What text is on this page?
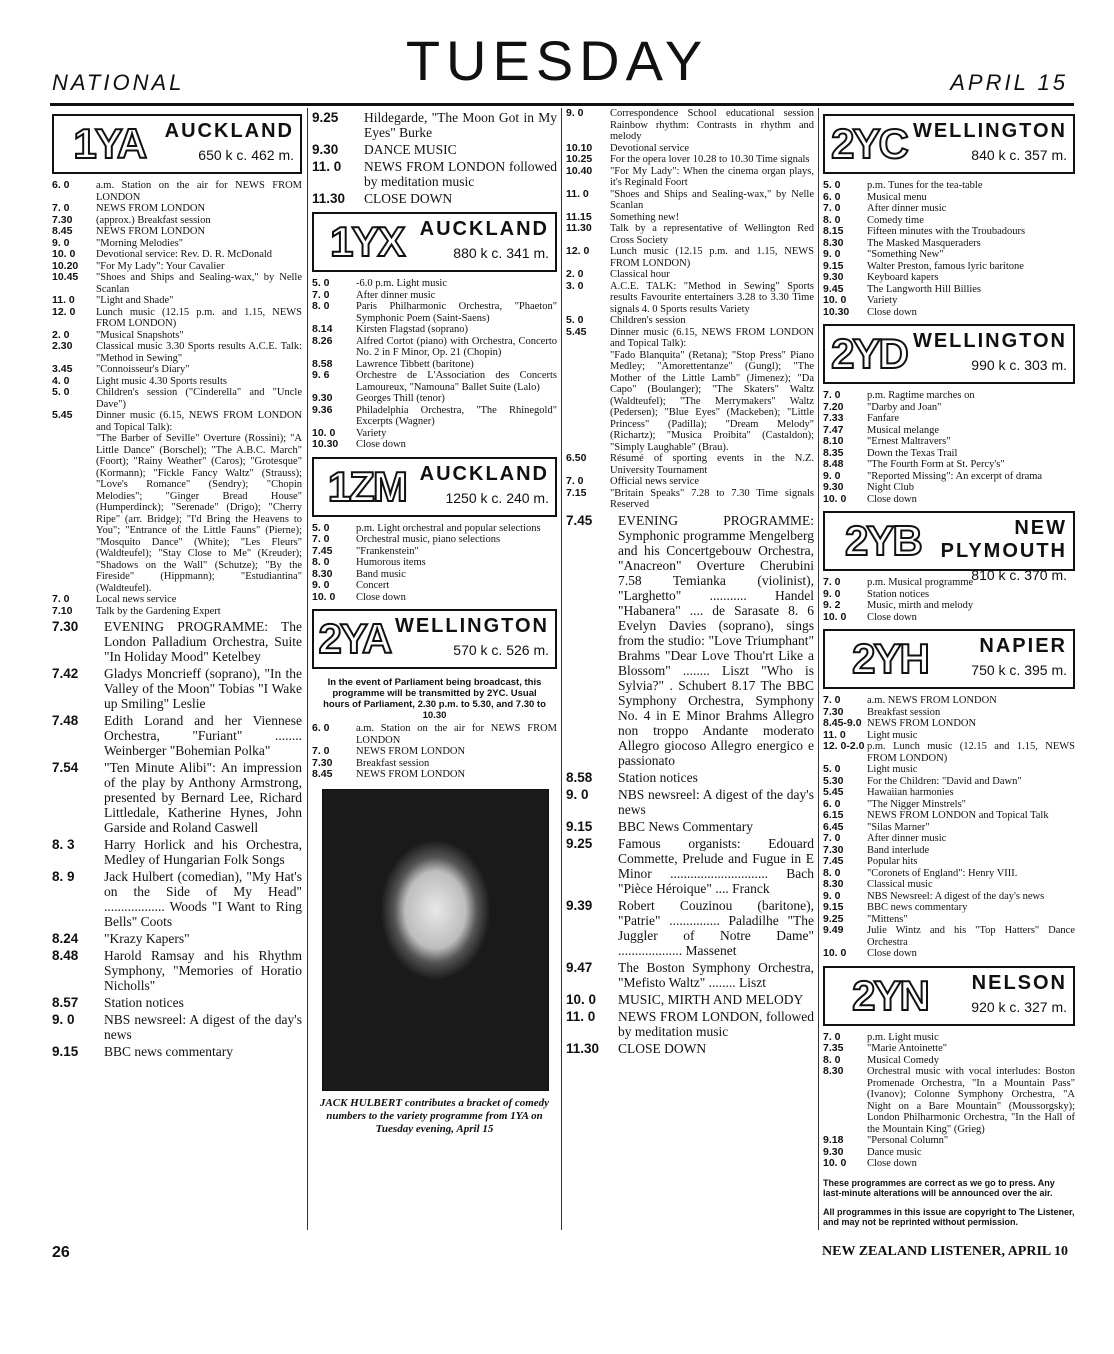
NATIONAL	TUESDAY	APRIL 15
1YA AUCKLAND
650 k c. 462 m.
6. 0	a.m. Station on the air for NEWS FROM LONDON
7. 0	NEWS FROM LONDON
7.30	(approx.) Breakfast session
8.45	NEWS FROM LONDON
9. 0	"Morning Melodies"
10. 0	Devotional service: Rev. D. R. McDonald
10.20	"For My Lady": Your Cavalier
10.45	"Shoes and Ships and Sealing-wax," by Nelle Scanlan
11. 0	"Light and Shade"
12. 0	Lunch music (12.15 p.m. and 1.15, NEWS FROM LONDON)
2. 0	"Musical Snapshots"
2.30	Classical music 3.30 Sports results A.C.E. Talk: "Method in Sewing"
3.45	"Connoisseur's Diary"
4. 0	Light music 4.30 Sports results
5. 0	Children's session ("Cinderella" and "Uncle Dave")
5.45	Dinner music (6.15, NEWS FROM LONDON and Topical Talk):
"The Barber of Seville" Overture (Rossini); "A Little Dance" (Borschel); "The A.B.C. March" (Foort); "Rainy Weather" (Caros); "Grotesque" (Kormann); "Fickle Fancy Waltz" (Strauss); "Love's Romance" (Sendry); "Chopin Melodies"; "Ginger Bread House" (Humperdinck); "Serenade" (Drigo); "Cherry Ripe" (arr. Bridge); "I'd Bring the Heavens to You"; "Entrance of the Little Fauns" (Pierne); "Mosquito Dance" (White); "Les Fleurs" (Waldteufel); "Stay Close to Me" (Kreuder); "Shadows on the Wall" (Schutze); "By the Fireside" (Hippmann); "Estudiantina" (Waldteufel).
7. 0	Local news service
7.10	Talk by the Gardening Expert
7.30	EVENING PROGRAMME: The London Palladium Orchestra, Suite "In Holiday Mood" Ketelbey
7.42	Gladys Moncrieff (soprano), "In the Valley of the Moon" Tobias "I Wake up Smiling" Leslie
7.48	Edith Lorand and her Viennese Orchestra, "Furiant" ........ Weinberger "Bohemian Polka"
7.54	"Ten Minute Alibi": An impression of the play by Anthony Armstrong, presented by Bernard Lee, Richard Littledale, Katherine Hynes, John Garside and Roland Caswell
8. 3	Harry Horlick and his Orchestra, Medley of Hungarian Folk Songs
8. 9	Jack Hulbert (comedian), "My Hat's on the Side of My Head" .................. Woods "I Want to Ring Bells" Coots
8.24	"Krazy Kapers"
8.48	Harold Ramsay and his Rhythm Symphony, "Memories of Horatio Nicholls"
8.57	Station notices
9. 0	NBS newsreel: A digest of the day's news
9.15	BBC news commentary
9.25	Hildegarde, "The Moon Got in My Eyes" Burke
9.30	DANCE MUSIC
11. 0	NEWS FROM LONDON followed by meditation music
11.30	CLOSE DOWN
1YX AUCKLAND
880 k c. 341 m.
5. 0	-6.0 p.m. Light music
7. 0	After dinner music
8. 0	Paris Philharmonic Orchestra, "Phaeton" Symphonic Poem (Saint-Saens)
8.14	Kirsten Flagstad (soprano)
8.26	Alfred Cortot (piano) with Orchestra, Concerto No. 2 in F Minor, Op. 21 (Chopin)
8.58	Lawrence Tibbett (baritone)
9. 6	Orchestre de L'Association des Concerts Lamoureux, "Namouna" Ballet Suite (Lalo)
9.30	Georges Thill (tenor)
9.36	Philadelphia Orchestra, "The Rhinegold" Excerpts (Wagner)
10. 0	Variety
10.30	Close down
1ZM AUCKLAND
1250 k c. 240 m.
5. 0	p.m. Light orchestral and popular selections
7. 0	Orchestral music, piano selections
7.45	"Frankenstein"
8. 0	Humorous items
8.30	Band music
9. 0	Concert
10. 0	Close down
2YA WELLINGTON
570 k c. 526 m.
In the event of Parliament being broadcast, this programme will be transmitted by 2YC. Usual hours of Parliament, 2.30 p.m. to 5.30, and 7.30 to 10.30
6. 0	a.m. Station on the air for NEWS FROM LONDON
7. 0	NEWS FROM LONDON
7.30	Breakfast session
8.45	NEWS FROM LONDON
JACK HULBERT contributes a bracket of comedy numbers to the variety programme from 1YA on Tuesday evening, April 15
9. 0	Correspondence School educational session Rainbow rhythm: Contrasts in rhythm and melody
10.10	Devotional service
10.25	For the opera lover 10.28 to 10.30 Time signals
10.40	"For My Lady": When the cinema organ plays, it's Reginald Foort
11. 0	"Shoes and Ships and Sealing-wax," by Nelle Scanlan
11.15	Something new!
11.30	Talk by a representative of Wellington Red Cross Society
12. 0	Lunch music (12.15 p.m. and 1.15, NEWS FROM LONDON)
2. 0	Classical hour
3. 0	A.C.E. TALK: "Method in Sewing" Sports results Favourite entertainers 3.28 to 3.30 Time signals 4. 0 Sports results Variety
5. 0	Children's session
5.45	Dinner music (6.15, NEWS FROM LONDON and Topical Talk):
"Fado Blanquita" (Retana); "Stop Press" Piano Medley; "Amorettentanze" (Gungl); "The Mother of the Little Lamb" (Jimenez); "Da Capo" (Boulanger); "The Skaters" Waltz (Waldteufel); "The Merrymakers" Waltz (Pedersen); "Blue Eyes" (Mackeben); "Little Princess" (Padilla); "Dream Melody" (Richartz); "Musica Proibita" (Castaldon); "Simply Laughable" (Brau).
6.50	Résumé of sporting events in the N.Z. University Tournament
7. 0	Official news service
7.15	"Britain Speaks" 7.28 to 7.30 Time signals Reserved
7.45	EVENING PROGRAMME: Symphonic programme Mengelberg and his Concertgebouw Orchestra, "Anacreon" Overture Cherubini 7.58 Temianka (violinist), "Larghetto" ........... Handel "Habanera" .... de Sarasate 8. 6 Evelyn Davies (soprano), sings from the studio: "Love Triumphant" Brahms "Dear Love Thou'rt Like a Blossom" ........ Liszt "Who is Sylvia?" . Schubert 8.17 The BBC Symphony Orchestra, Symphony No. 4 in E Minor Brahms Allegro non troppo Andante moderato Allegro giocoso Allegro energico e passionato
8.58	Station notices
9. 0	NBS newsreel: A digest of the day's news
9.15	BBC News Commentary
9.25	Famous organists: Edouard Commette, Prelude and Fugue in E Minor ............................. Bach "Pièce Héroique" .... Franck
9.39	Robert Couzinou (baritone), "Patrie" ............... Paladilhe "The Juggler of Notre Dame" ................... Massenet
9.47	The Boston Symphony Orchestra, "Mefisto Waltz" ........ Liszt
10. 0	MUSIC, MIRTH AND MELODY
11. 0	NEWS FROM LONDON, followed by meditation music
11.30	CLOSE DOWN
2YC WELLINGTON
840 k c. 357 m.
5. 0	p.m. Tunes for the tea-table
6. 0	Musical menu
7. 0	After dinner music
8. 0	Comedy time
8.15	Fifteen minutes with the Troubadours
8.30	The Masked Masqueraders
9. 0	"Something New"
9.15	Walter Preston, famous lyric baritone
9.30	Keyboard kapers
9.45	The Langworth Hill Billies
10. 0	Variety
10.30	Close down
2YD WELLINGTON
990 k c. 303 m.
7. 0	p.m. Ragtime marches on
7.20	"Darby and Joan"
7.33	Fanfare
7.47	Musical melange
8.10	"Ernest Maltravers"
8.35	Down the Texas Trail
8.48	"The Fourth Form at St. Percy's"
9. 0	"Reported Missing": An excerpt of drama
9.30	Night Club
10. 0	Close down
2YB	NEW PLYMOUTH
810 k c. 370 m.
7. 0	p.m. Musical programme
9. 0	Station notices
9. 2	Music, mirth and melody
10. 0	Close down
2YH	NAPIER
750 k c. 395 m.
7. 0	a.m. NEWS FROM LONDON
7.30	Breakfast session
8.45-9.0 NEWS FROM LONDON
11. 0	Light music
12. 0-2.0 p.m. Lunch music (12.15 and 1.15, NEWS FROM LONDON)
5. 0	Light music
5.30	For the Children: "David and Dawn"
5.45	Hawaiian harmonies
6. 0	"The Nigger Minstrels"
6.15	NEWS FROM LONDON and Topical Talk
6.45	"Silas Marner"
7. 0	After dinner music
7.30	Band interlude
7.45	Popular hits
8. 0	"Coronets of England": Henry VIII.
8.30	Classical music
9. 0	NBS Newsreel: A digest of the day's news
9.15	BBC news commentary
9.25	"Mittens"
9.49	Julie Wintz and his "Top Hatters" Dance Orchestra
10. 0	Close down
2YN	NELSON
920 k c. 327 m.
7. 0	p.m. Light music
7.35	"Marie Antoinette"
8. 0	Musical Comedy
8.30	Orchestral music with vocal interludes: Boston Promenade Orchestra, "In a Mountain Pass" (Ivanov); Colonne Symphony Orchestra, "A Night on a Bare Mountain" (Moussorgsky); London Philharmonic Orchestra, "In the Hall of the Mountain King" (Grieg)
9.18	"Personal Column"
9.30	Dance music
10. 0	Close down
These programmes are correct as we go to press. Any last-minute alterations will be announced over the air.
All programmes in this issue are copyright to The Listener, and may not be reprinted without permission.
26	NEW ZEALAND LISTENER, APRIL 10
